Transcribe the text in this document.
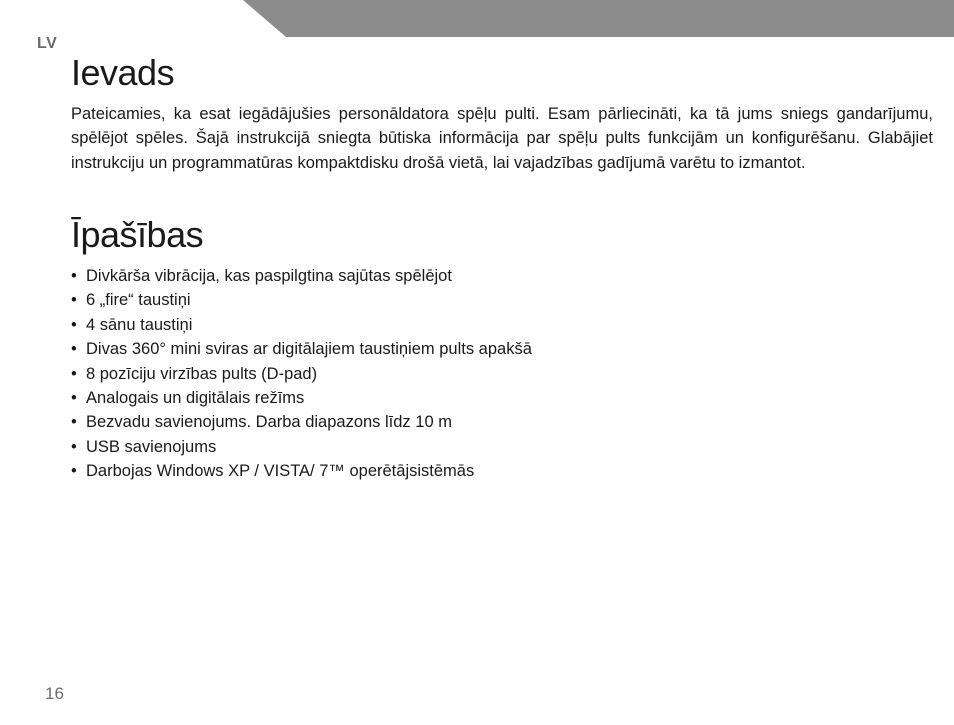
LV
Ievads

Pateicamies, ka esat iegādājušies personāldatora spēļu pulti. Esam pārliecināti, ka tā jums sniegs gandarījumu, spēlējot spēles. Šajā instrukcijā sniegta būtiska informācija par spēļu pults funkcijām un konfigurēšanu. Glabājiet instrukciju un programmatūras kompaktdisku drošā vietā, lai vajadzības gadījumā varētu to izmantot.

Īpašības
• Divkārša vibrācija, kas paspilgtina sajūtas spēlējot
• 6 „fire“ taustiņi
• 4 sānu taustiņi
• Divas 360° mini sviras ar digitālajiem taustiņiem pults apakšā
• 8 pozīciju virzības pults (D-pad)
• Analogais un digitālais režīms
• Bezvadu savienojums. Darba diapazons līdz 10 m
• USB savienojums
• Darbojas Windows XP / VISTA/ 7™ operētājsistēmās
16
